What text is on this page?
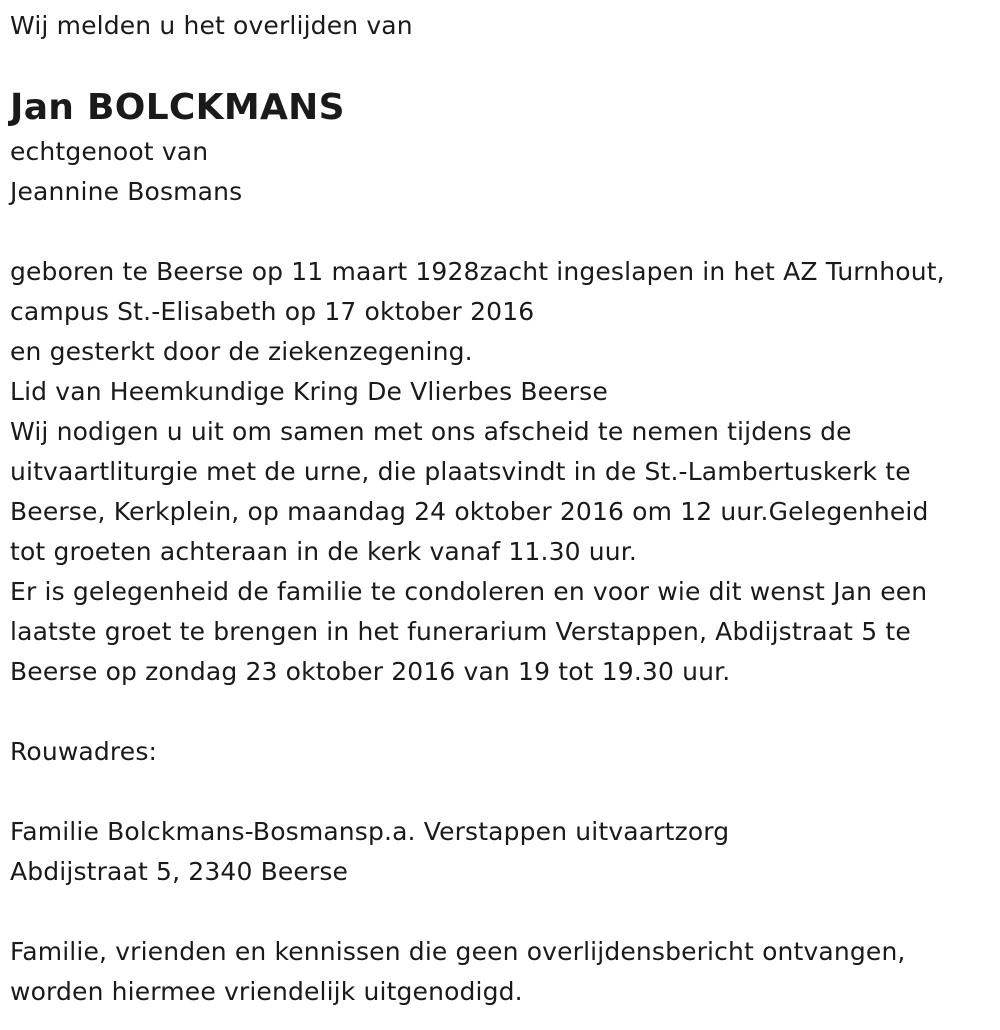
Wij melden u het overlijden van

Jan BOLCKMANS

echtgenoot van

Jeannine Bosmans

geboren te Beerse op 11 maart 1928zacht ingeslapen in het AZ Turnhout,

campus St.-Elisabeth op 17 oktober 2016

en gesterkt door de ziekenzegening.

Lid van Heemkundige Kring De Vlierbes Beerse

Wij nodigen u uit om samen met ons afscheid te nemen tijdens de

uitvaartliturgie met de urne, die plaatsvindt in de St.-Lambertuskerk te

Beerse, Kerkplein, op maandag 24 oktober 2016 om 12 uur.Gelegenheid

tot groeten achteraan in de kerk vanaf 11.30 uur.

Er is gelegenheid de familie te condoleren en voor wie dit wenst Jan een

laatste groet te brengen in het funerarium Verstappen, Abdijstraat 5 te

Beerse op zondag 23 oktober 2016 van 19 tot 19.30 uur.

Rouwadres:

Familie Bolckmans-Bosmansp.a. Verstappen uitvaartzorg

Abdijstraat 5, 2340 Beerse

Familie, vrienden en kennissen die geen overlijdensbericht ontvangen,

worden hiermee vriendelijk uitgenodigd.
